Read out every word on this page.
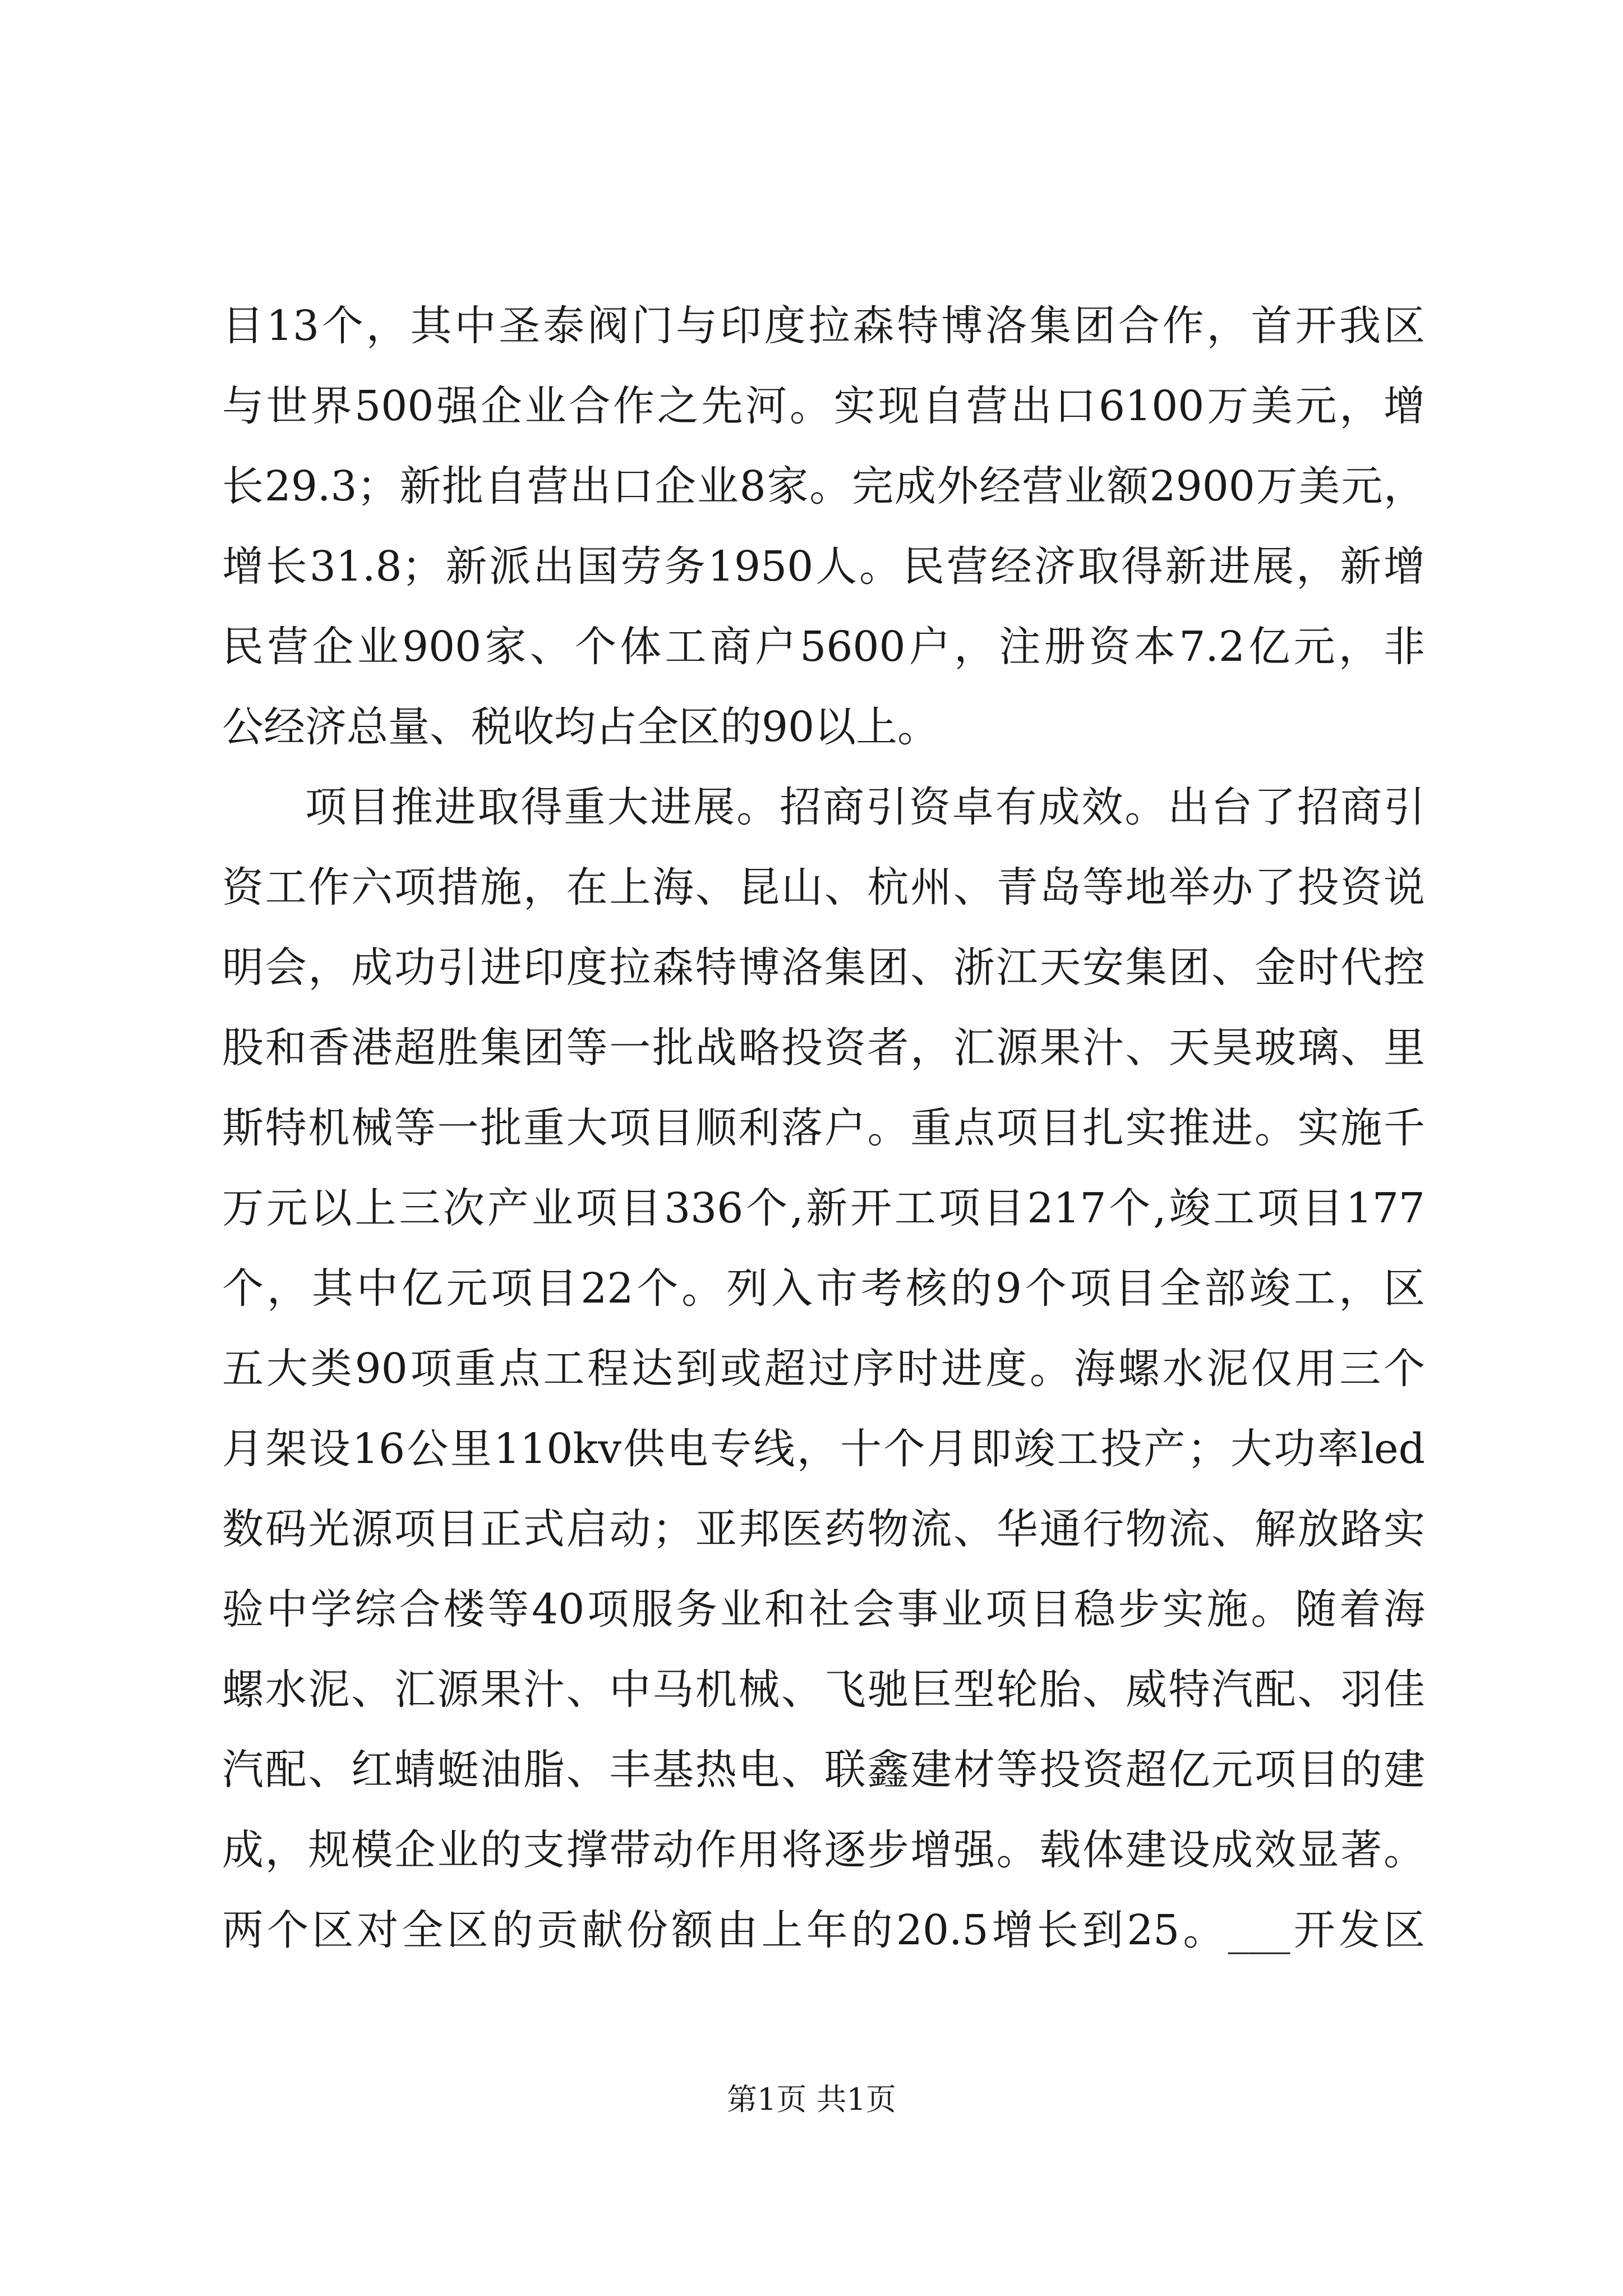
目13个，其中圣泰阀门与印度拉森特博洛集团合作，首开我区
与世界500强企业合作之先河。实现自营出口6100万美元，增
长29.3；新批自营出口企业8家。完成外经营业额2900万美元，
增长31.8；新派出国劳务1950人。民营经济取得新进展，新增
民营企业900家、个体工商户5600户，注册资本7.2亿元，非
公经济总量、税收均占全区的90以上。
项目推进取得重大进展。招商引资卓有成效。出台了招商引
资工作六项措施，在上海、昆山、杭州、青岛等地举办了投资说
明会，成功引进印度拉森特博洛集团、浙江天安集团、金时代控
股和香港超胜集团等一批战略投资者，汇源果汁、天昊玻璃、里
斯特机械等一批重大项目顺利落户。重点项目扎实推进。实施千
万元以上三次产业项目336个,新开工项目217个,竣工项目177
个，其中亿元项目22个。列入市考核的9个项目全部竣工，区
五大类90项重点工程达到或超过序时进度。海螺水泥仅用三个
月架设16公里110kv供电专线，十个月即竣工投产；大功率led
数码光源项目正式启动；亚邦医药物流、华通行物流、解放路实
验中学综合楼等40项服务业和社会事业项目稳步实施。随着海
螺水泥、汇源果汁、中马机械、飞驰巨型轮胎、威特汽配、羽佳
汽配、红蜻蜓油脂、丰基热电、联鑫建材等投资超亿元项目的建
成，规模企业的支撑带动作用将逐步增强。载体建设成效显著。
两个区对全区的贡献份额由上年的20.5增长到25。___开发区
第1页 共1页
